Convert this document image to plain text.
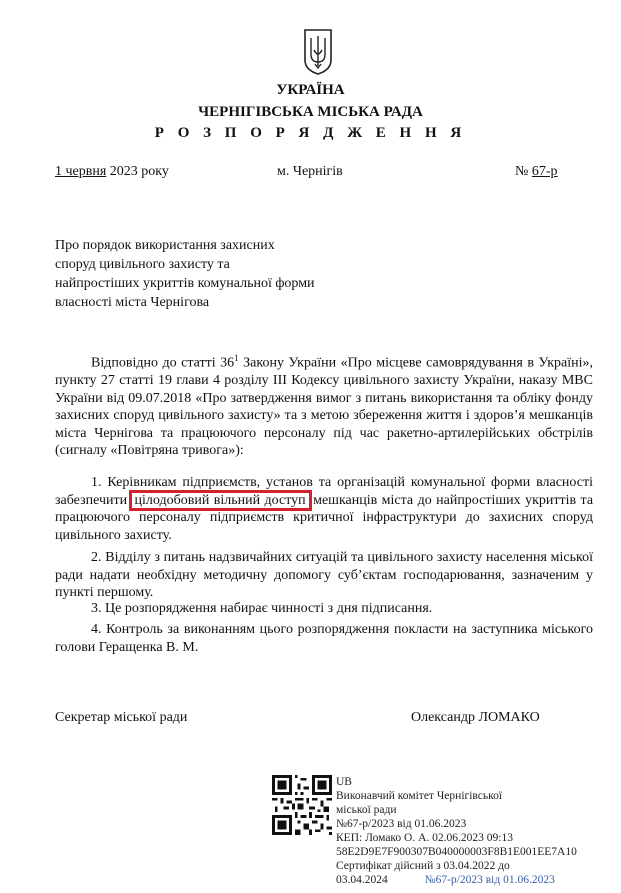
УКРАЇНА
ЧЕРНІГІВСЬКА МІСЬКА РАДА
Р О З П О Р Я Д Ж Е Н Н Я
1 червня 2023 року	м. Чернігів	№ 67-р
Про порядок використання захисних споруд цивільного захисту та найпростіших укриттів комунальної форми власності міста Чернігова
Відповідно до статті $36^1$ Закону України «Про місцеве самоврядування в Україні», пункту 27 статті 19 глави 4 розділу ІІІ Кодексу цивільного захисту України, наказу МВС України від 09.07.2018 «Про затвердження вимог з питань використання та обліку фонду захисних споруд цивільного захисту» та з метою збереження життя і здоров’я мешканців міста Чернігова та працюючого персоналу під час ракетно-артилерійських обстрілів (сигналу «Повітряна тривога»):
1. Керівникам підприємств, установ та організацій комунальної форми власності забезпечити цілодобовий вільний доступ мешканців міста до найпростіших укриттів та працюючого персоналу підприємств критичної інфраструктури до захисних споруд цивільного захисту.
2. Відділу з питань надзвичайних ситуацій та цивільного захисту населення міської ради надати необхідну методичну допомогу суб’єктам господарювання, зазначеним у пункті першому.
3. Це розпорядження набирає чинності з дня підписання.
4. Контроль за виконанням цього розпорядження покласти на заступника міського голови Геращенка В. М.
Секретар міської ради	Олександр ЛОМАКО
UB
Виконавчий комітет Чернігівської
міської ради
№67-р/2023 від 01.06.2023
КЕП: Ломако О. А. 02.06.2023 09:13
58E2D9E7F900307B040000003F8B1E001EE7A10
Сертифікат дійсний з 03.04.2022 до
03.04.2024	№67-р/2023 від 01.06.2023
